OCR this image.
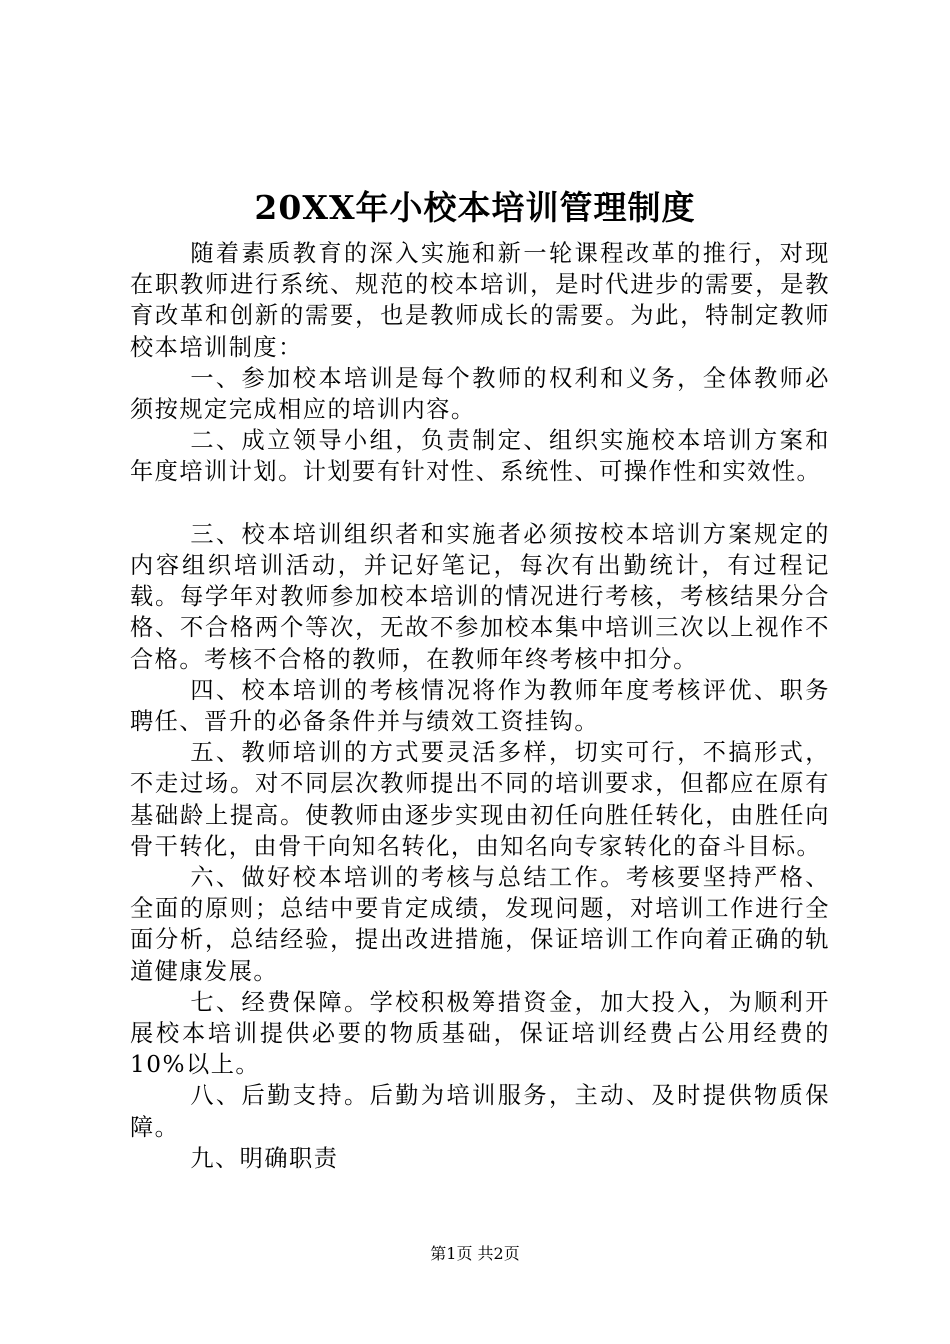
20XX年小校本培训管理制度

随着素质教育的深入实施和新一轮课程改革的推行，对现在职教师进行系统、规范的校本培训，是时代进步的需要，是教育改革和创新的需要，也是教师成长的需要。为此，特制定教师校本培训制度：

一、参加校本培训是每个教师的权利和义务，全体教师必须按规定完成相应的培训内容。

二、成立领导小组，负责制定、组织实施校本培训方案和年度培训计划。计划要有针对性、系统性、可操作性和实效性。

三、校本培训组织者和实施者必须按校本培训方案规定的内容组织培训活动，并记好笔记，每次有出勤统计，有过程记载。每学年对教师参加校本培训的情况进行考核，考核结果分合格、不合格两个等次，无故不参加校本集中培训三次以上视作不合格。考核不合格的教师，在教师年终考核中扣分。

四、校本培训的考核情况将作为教师年度考核评优、职务聘任、晋升的必备条件并与绩效工资挂钩。

五、教师培训的方式要灵活多样，切实可行，不搞形式，不走过场。对不同层次教师提出不同的培训要求，但都应在原有基础龄上提高。使教师由逐步实现由初任向胜任转化，由胜任向骨干转化，由骨干向知名转化，由知名向专家转化的奋斗目标。

六、做好校本培训的考核与总结工作。考核要坚持严格、全面的原则；总结中要肯定成绩，发现问题，对培训工作进行全面分析，总结经验，提出改进措施，保证培训工作向着正确的轨道健康发展。

七、经费保障。学校积极筹措资金，加大投入，为顺利开展校本培训提供必要的物质基础，保证培训经费占公用经费的10%以上。

八、后勤支持。后勤为培训服务，主动、及时提供物质保障。

九、明确职责

第1页 共2页
